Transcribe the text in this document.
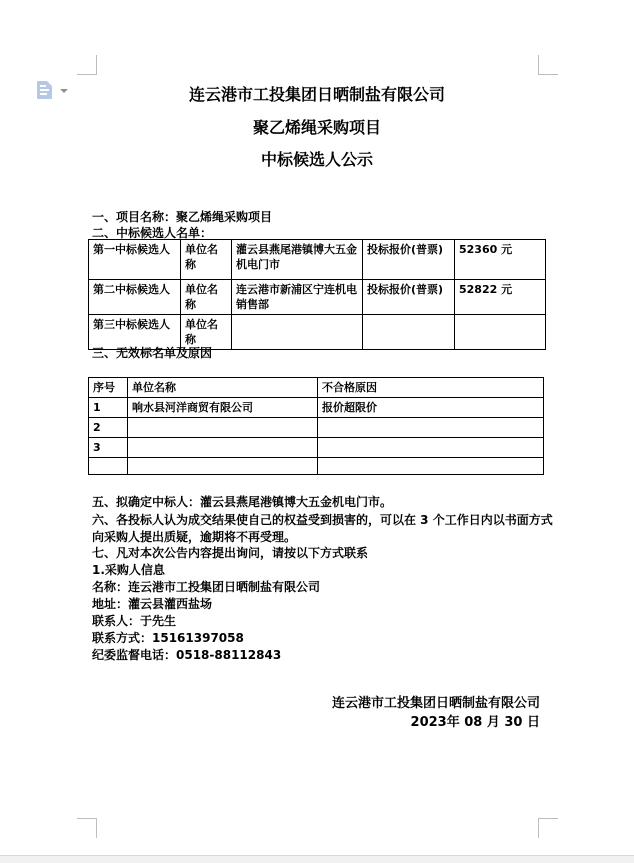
连云港市工投集团日晒制盐有限公司
聚乙烯绳采购项目
中标候选人公示
一、项目名称：聚乙烯绳采购项目
二、中标候选人名单：
第一中标候选人	单位名称	灌云县燕尾港镇博大五金机电门市	投标报价(普票)	52360 元
第二中标候选人	单位名称	连云港市新浦区宁连机电销售部	投标报价(普票)	52822 元
第三中标候选人	单位名称			
三、无效标名单及原因
序号	单位名称	不合格原因
1	响水县河洋商贸有限公司	报价超限价
2		
3		

五、拟确定中标人：灌云县燕尾港镇博大五金机电门市。
六、各投标人认为成交结果使自己的权益受到损害的，可以在 3 个工作日内以书面方式向采购人提出质疑，逾期将不再受理。
七、凡对本次公告内容提出询问，请按以下方式联系
1.采购人信息
名称：连云港市工投集团日晒制盐有限公司
地址：灌云县灌西盐场
联系人：于先生
联系方式：15161397058
纪委监督电话：0518-88112843
连云港市工投集团日晒制盐有限公司
2023年 08 月 30 日
